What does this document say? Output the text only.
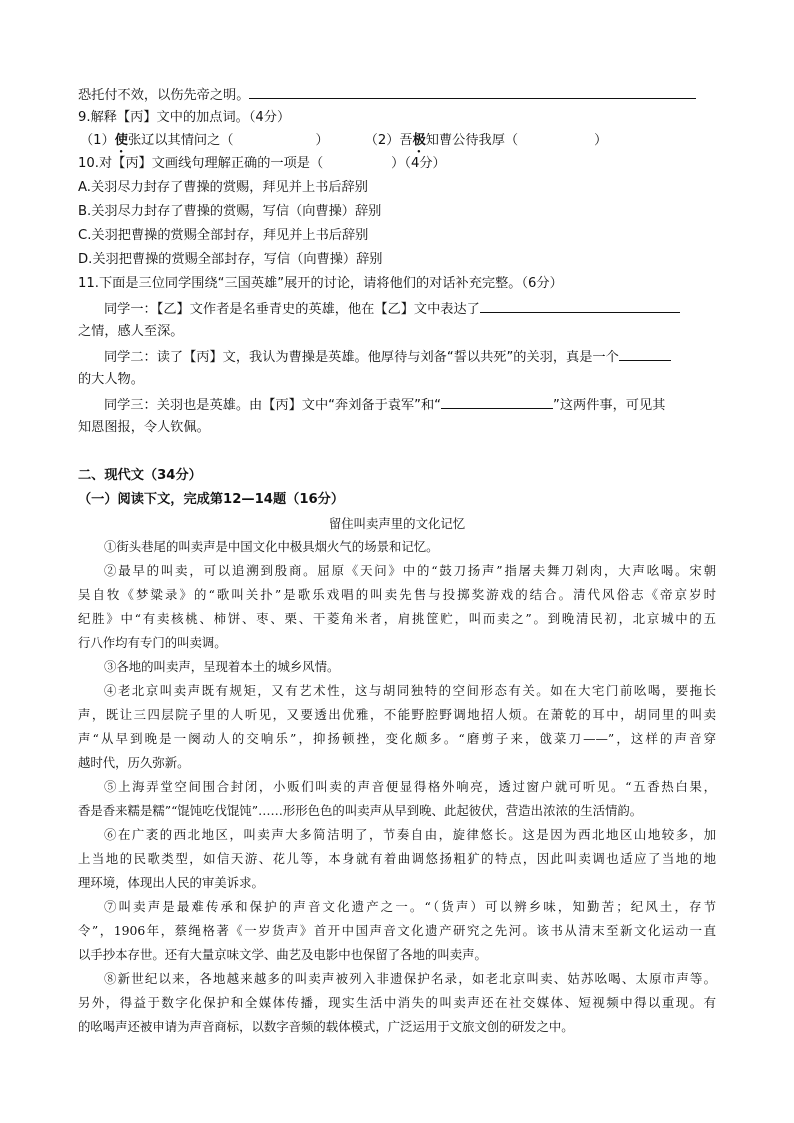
恐托付不效，以伤先帝之明。
9.解释【丙】文中的加点词。（4分）
（1）使张辽以其情问之（	）	（2）吾极知曹公待我厚（	）
10.对【丙】文画线句理解正确的一项是（	）（4分）
A.关羽尽力封存了曹操的赏赐，拜见并上书后辞别
B.关羽尽力封存了曹操的赏赐，写信（向曹操）辞别
C.关羽把曹操的赏赐全部封存，拜见并上书后辞别
D.关羽把曹操的赏赐全部封存，写信（向曹操）辞别
11.下面是三位同学围绕“三国英雄”展开的讨论，请将他们的对话补充完整。（6分）
同学一：【乙】文作者是名垂青史的英雄，他在【乙】文中表达了
之情，感人至深。
同学二：读了【丙】文，我认为曹操是英雄。他厚待与刘备“誓以共死”的关羽，真是一个
的大人物。
同学三：关羽也是英雄。由【丙】文中“奔刘备于袁军”和“	”这两件事，可见其
知恩图报，令人钦佩。
二、现代文（34分）
（一）阅读下文，完成第12—14题（16分）
留住叫卖声里的文化记忆
①街头巷尾的叫卖声是中国文化中极具烟火气的场景和记忆。
②最早的叫卖，可以追溯到殷商。屈原《天问》中的“鼓刀扬声”指屠夫舞刀剁肉，大声吆喝。宋朝
吴自牧《梦粱录》的“歌叫关扑”是歌乐戏唱的叫卖先售与投掷奖游戏的结合。清代风俗志《帝京岁时
纪胜》中“有卖核桃、柿饼、枣、栗、干菱角米者，肩挑筐贮，叫而卖之”。到晚清民初，北京城中的五
行八作均有专门的叫卖调。
③各地的叫卖声，呈现着本土的城乡风情。
④老北京叫卖声既有规矩，又有艺术性，这与胡同独特的空间形态有关。如在大宅门前吆喝，要拖长
声，既让三四层院子里的人听见，又要透出优雅，不能野腔野调地招人烦。在萧乾的耳中，胡同里的叫卖
声“从早到晚是一阕动人的交响乐”，抑扬顿挫，变化颇多。“磨剪子来，戗菜刀——”，这样的声音穿
越时代，历久弥新。
⑤上海弄堂空间围合封闭，小贩们叫卖的声音便显得格外响亮，透过窗户就可听见。“五香热白果，
香是香来糯是糯”“馄饨吃伐馄饨”……形形色色的叫卖声从早到晚、此起彼伏，营造出浓浓的生活情韵。
⑥在广袤的西北地区，叫卖声大多简洁明了，节奏自由，旋律悠长。这是因为西北地区山地较多，加
上当地的民歌类型，如信天游、花儿等，本身就有着曲调悠扬粗犷的特点，因此叫卖调也适应了当地的地
理环境，体现出人民的审美诉求。
⑦叫卖声是最难传承和保护的声音文化遗产之一。“（货声）可以辨乡味，知勤苦；纪风土，存节
令”，1906年，蔡绳格著《一岁货声》首开中国声音文化遗产研究之先河。该书从清末至新文化运动一直
以手抄本存世。还有大量京味文学、曲艺及电影中也保留了各地的叫卖声。
⑧新世纪以来，各地越来越多的叫卖声被列入非遗保护名录，如老北京叫卖、姑苏吆喝、太原市声等。
另外，得益于数字化保护和全媒体传播，现实生活中消失的叫卖声还在社交媒体、短视频中得以重现。有
的吆喝声还被申请为声音商标，以数字音频的载体模式，广泛运用于文旅文创的研发之中。
